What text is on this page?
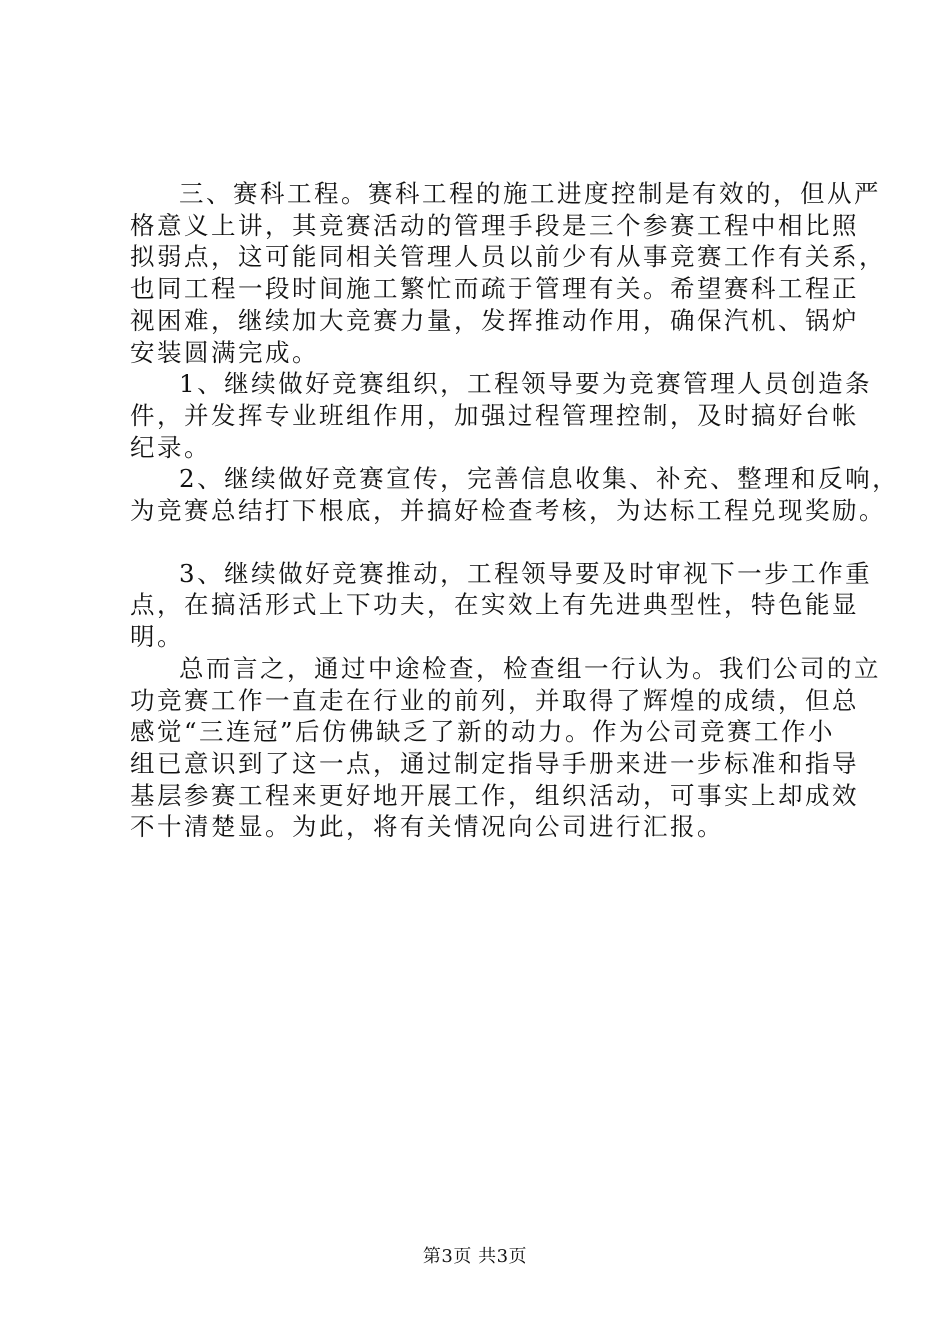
三、赛科工程。赛科工程的施工进度控制是有效的，但从严
格意义上讲，其竞赛活动的管理手段是三个参赛工程中相比照
拟弱点，这可能同相关管理人员以前少有从事竞赛工作有关系，
也同工程一段时间施工繁忙而疏于管理有关。希望赛科工程正
视困难，继续加大竞赛力量，发挥推动作用，确保汽机、锅炉
安装圆满完成。

1、继续做好竞赛组织，工程领导要为竞赛管理人员创造条
件，并发挥专业班组作用，加强过程管理控制，及时搞好台帐
纪录。

2、继续做好竞赛宣传，完善信息收集、补充、整理和反响，
为竞赛总结打下根底，并搞好检查考核，为达标工程兑现奖励。

3、继续做好竞赛推动，工程领导要及时审视下一步工作重
点，在搞活形式上下功夫，在实效上有先进典型性，特色能显
明。

总而言之，通过中途检查，检查组一行认为。我们公司的立
功竞赛工作一直走在行业的前列，并取得了辉煌的成绩，但总
感觉“三连冠”后仿佛缺乏了新的动力。作为公司竞赛工作小
组已意识到了这一点，通过制定指导手册来进一步标准和指导
基层参赛工程来更好地开展工作，组织活动，可事实上却成效
不十清楚显。为此，将有关情况向公司进行汇报。

第3页 共3页
